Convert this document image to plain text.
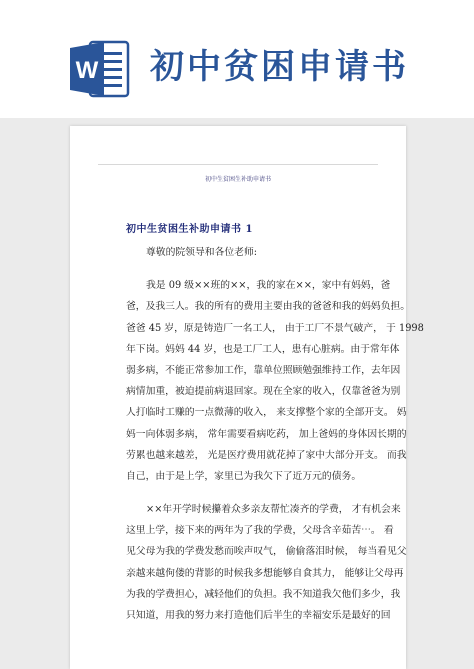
W 初中贫困申请书
初中生贫困生补助申请书
初中生贫困生补助申请书 1
尊敬的院领导和各位老师:
我是 09 级××班的××，我的家在××，家中有妈妈，爸
爸，及我三人。我的所有的费用主要由我的爸爸和我的妈妈负担。
爸爸 45 岁，原是铸造厂一名工人， 由于工厂不景气破产， 于 1998
年下岗。妈妈 44 岁，也是工厂工人，患有心脏病。由于常年体
弱多病，不能正常参加工作，靠单位照顾勉强维持工作，去年因
病情加重，被迫提前病退回家。现在全家的收入，仅靠爸爸为别
人打临时工赚的一点微薄的收入， 来支撑整个家的全部开支。 妈
妈一向体弱多病， 常年需要看病吃药， 加上爸妈的身体因长期的
劳累也越来越差， 光是医疗费用就花掉了家中大部分开支。 而我
自己，由于是上学，家里已为我欠下了近万元的债务。
××年开学时候攥着众多亲友帮忙凑齐的学费， 才有机会来
这里上学，接下来的两年为了我的学费，父母含辛茹苦⋯。 看
见父母为我的学费发愁而唉声叹气， 偷偷落泪时候， 每当看见父
亲越来越佝偻的背影的时候我多想能够自食其力， 能够让父母再
为我的学费担心，减轻他们的负担。我不知道我欠他们多少，我
只知道，用我的努力来打造他们后半生的幸福安乐是最好的回
